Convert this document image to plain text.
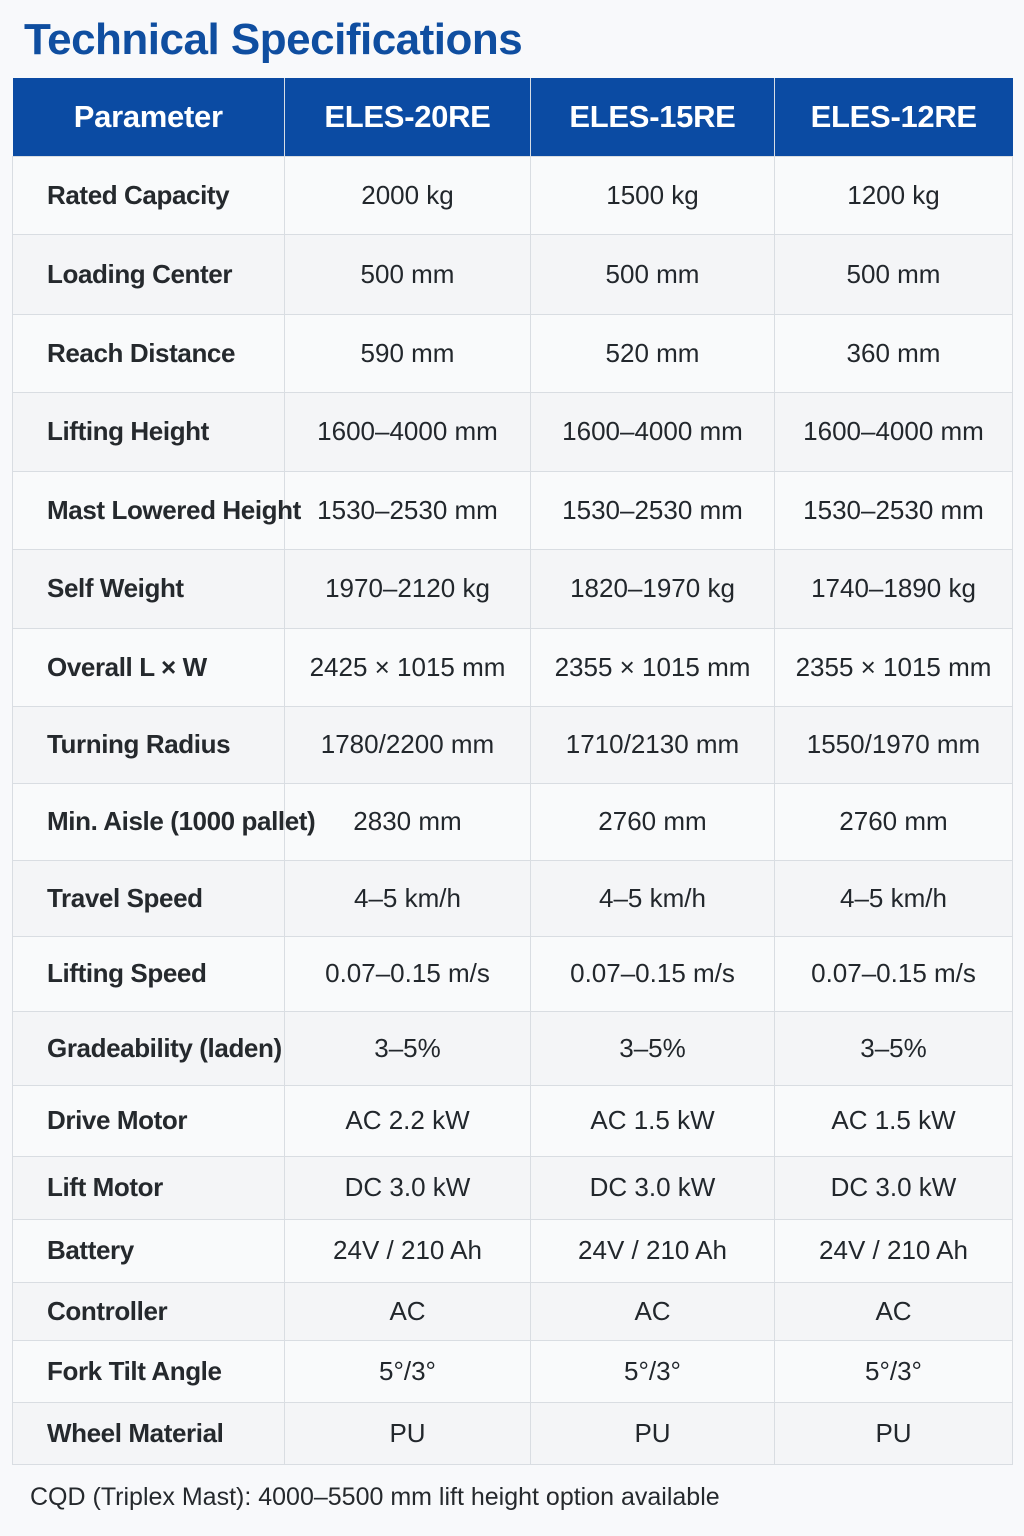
Technical Specifications
Parameter	ELES-20RE	ELES-15RE	ELES-12RE
Rated Capacity	2000 kg	1500 kg	1200 kg
Loading Center	500 mm	500 mm	500 mm
Reach Distance	590 mm	520 mm	360 mm
Lifting Height	1600–4000 mm	1600–4000 mm	1600–4000 mm
Mast Lowered Height	1530–2530 mm	1530–2530 mm	1530–2530 mm
Self Weight	1970–2120 kg	1820–1970 kg	1740–1890 kg
Overall L × W	2425 × 1015 mm	2355 × 1015 mm	2355 × 1015 mm
Turning Radius	1780/2200 mm	1710/2130 mm	1550/1970 mm
Min. Aisle (1000 pallet)	2830 mm	2760 mm	2760 mm
Travel Speed	4–5 km/h	4–5 km/h	4–5 km/h
Lifting Speed	0.07–0.15 m/s	0.07–0.15 m/s	0.07–0.15 m/s
Gradeability (laden)	3–5%	3–5%	3–5%
Drive Motor	AC 2.2 kW	AC 1.5 kW	AC 1.5 kW
Lift Motor	DC 3.0 kW	DC 3.0 kW	DC 3.0 kW
Battery	24V / 210 Ah	24V / 210 Ah	24V / 210 Ah
Controller	AC	AC	AC
Fork Tilt Angle	5°/3°	5°/3°	5°/3°
Wheel Material	PU	PU	PU
CQD (Triplex Mast): 4000–5500 mm lift height option available
